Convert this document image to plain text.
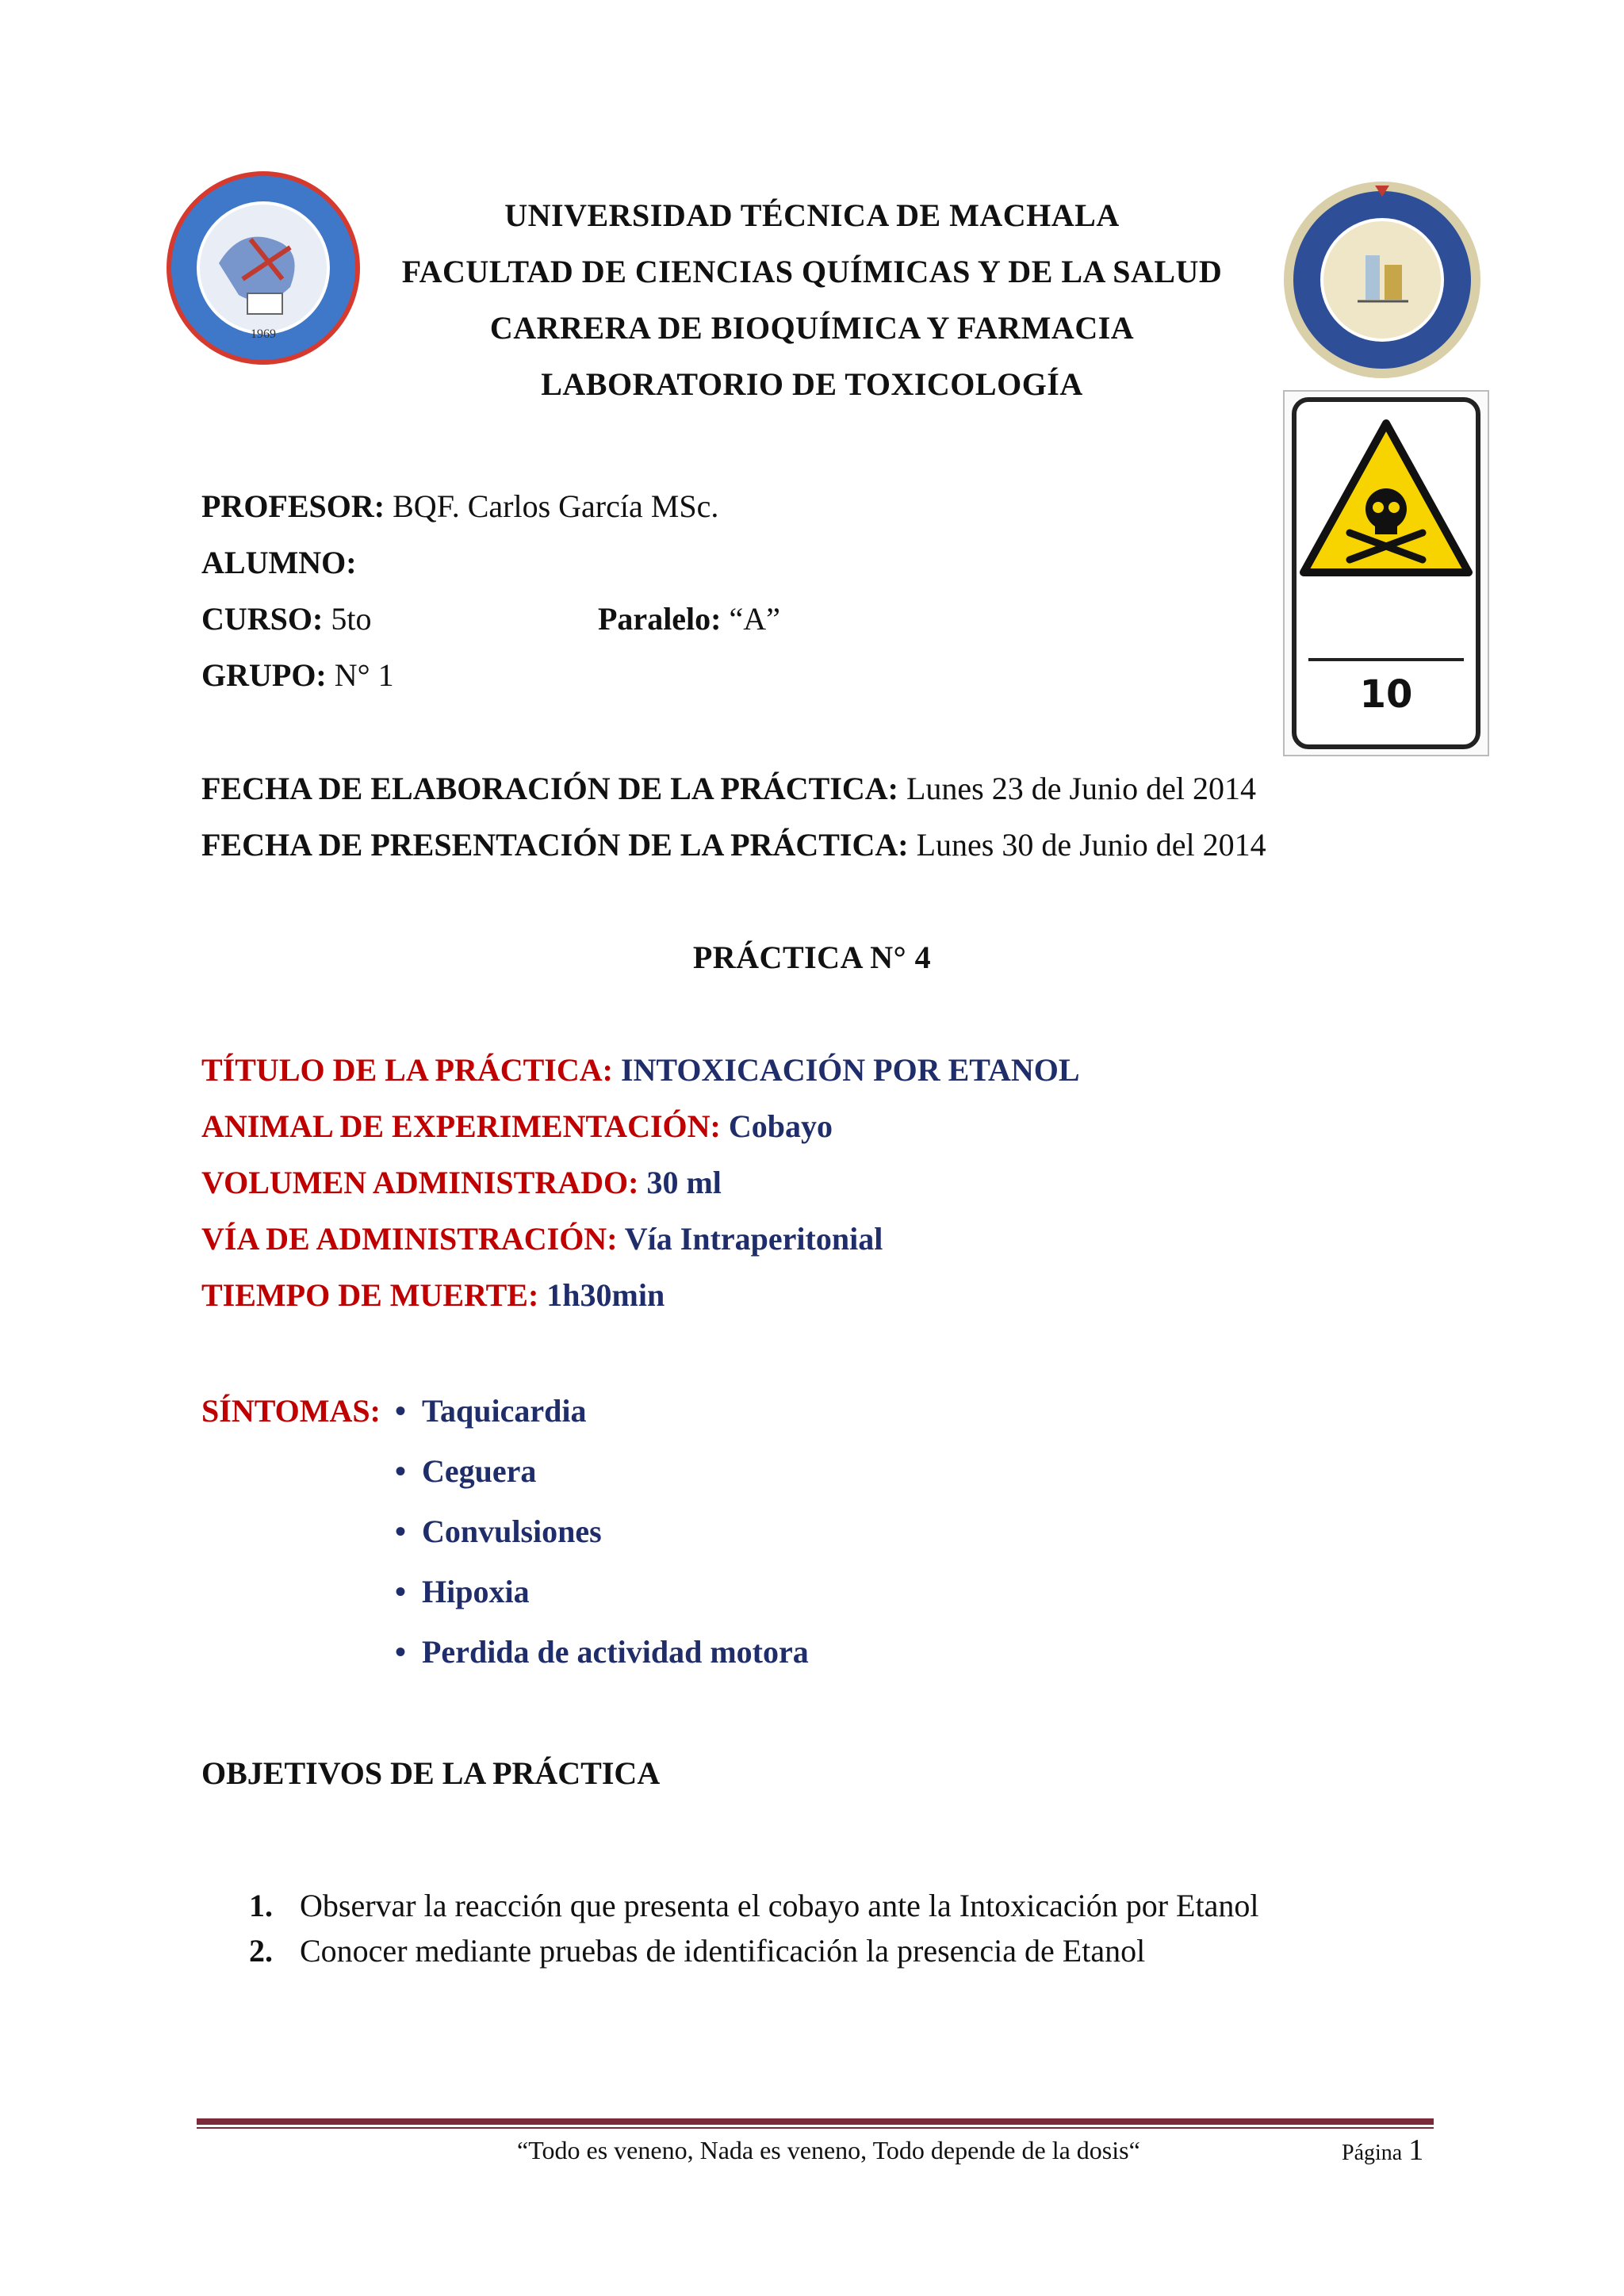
1969
10
UNIVERSIDAD TÉCNICA DE MACHALA
FACULTAD DE CIENCIAS QUÍMICAS Y DE LA SALUD
CARRERA DE BIOQUÍMICA Y FARMACIA
LABORATORIO DE TOXICOLOGÍA
PROFESOR: BQF. Carlos García MSc.
ALUMNO:
CURSO: 5to	Paralelo: “A”
GRUPO: N° 1
FECHA DE ELABORACIÓN DE LA PRÁCTICA: Lunes 23 de Junio del 2014
FECHA DE PRESENTACIÓN DE LA PRÁCTICA: Lunes 30 de Junio del 2014
PRÁCTICA N° 4
TÍTULO DE LA PRÁCTICA: INTOXICACIÓN POR ETANOL
ANIMAL DE EXPERIMENTACIÓN: Cobayo
VOLUMEN ADMINISTRADO: 30 ml
VÍA DE ADMINISTRACIÓN: Vía Intraperitonial
TIEMPO DE MUERTE: 1h30min
SÍNTOMAS: • Taquicardia
• Ceguera
• Convulsiones
• Hipoxia
• Perdida de actividad motora
OBJETIVOS DE LA PRÁCTICA
1. Observar la reacción que presenta el cobayo ante la Intoxicación por Etanol
2. Conocer mediante pruebas de identificación la presencia de Etanol
“Todo es veneno, Nada es veneno, Todo depende de la dosis“	Página 1
